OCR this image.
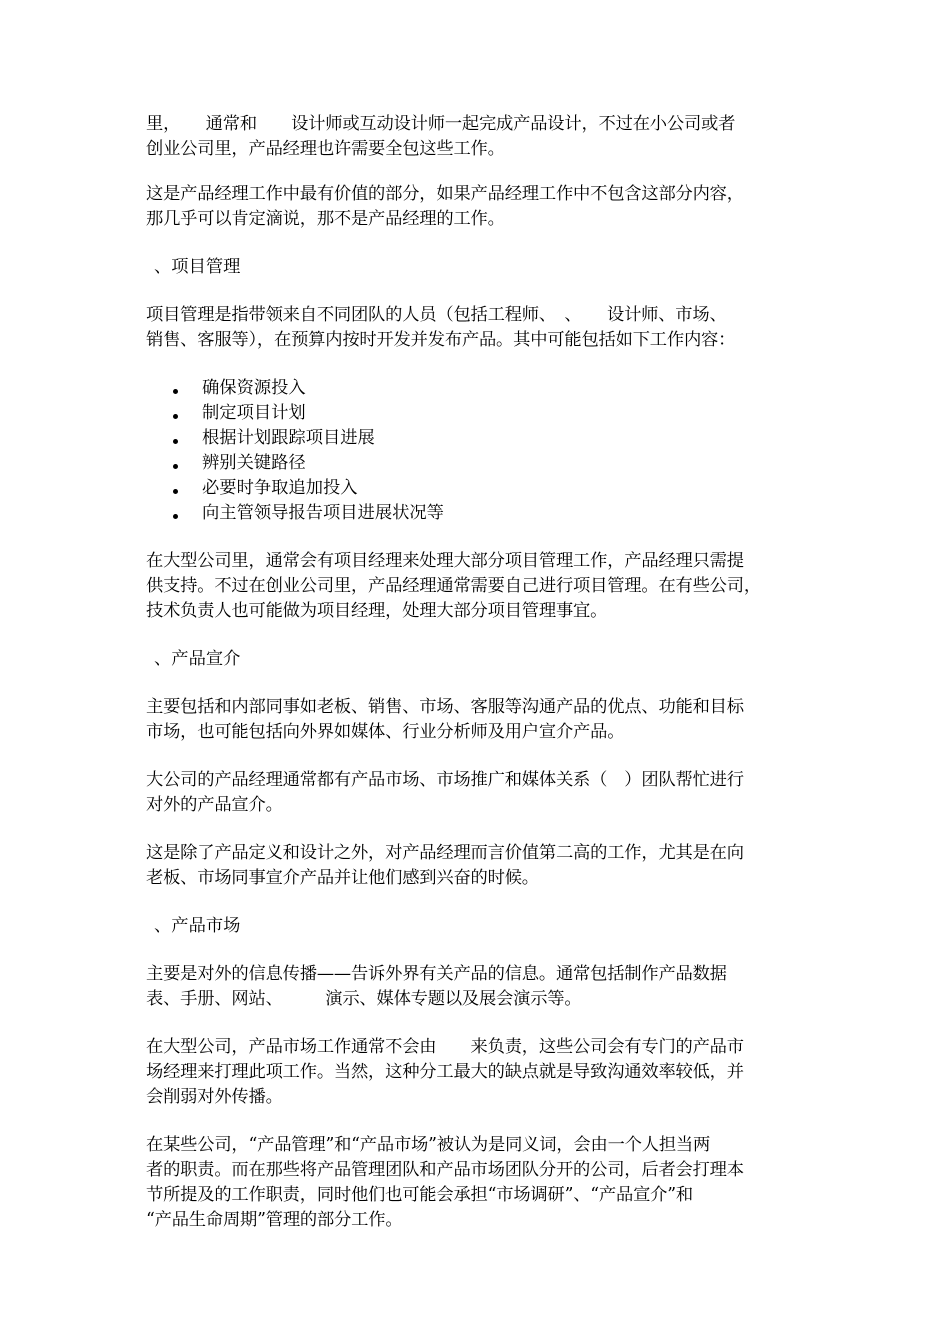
里，　　通常和　　设计师或互动设计师一起完成产品设计，不过在小公司或者
创业公司里，产品经理也许需要全包这些工作。

这是产品经理工作中最有价值的部分，如果产品经理工作中不包含这部分内容，
那几乎可以肯定滴说，那不是产品经理的工作。

、项目管理

项目管理是指带领来自不同团队的人员（包括工程师、　、　　设计师、市场、
销售、客服等），在预算内按时开发并发布产品。其中可能包括如下工作内容：

确保资源投入
制定项目计划
根据计划跟踪项目进展
辨别关键路径
必要时争取追加投入
向主管领导报告项目进展状况等

在大型公司里，通常会有项目经理来处理大部分项目管理工作，产品经理只需提
供支持。不过在创业公司里，产品经理通常需要自己进行项目管理。在有些公司，
技术负责人也可能做为项目经理，处理大部分项目管理事宜。

、产品宣介

主要包括和内部同事如老板、销售、市场、客服等沟通产品的优点、功能和目标
市场，也可能包括向外界如媒体、行业分析师及用户宣介产品。

大公司的产品经理通常都有产品市场、市场推广和媒体关系（　）团队帮忙进行
对外的产品宣介。

这是除了产品定义和设计之外，对产品经理而言价值第二高的工作，尤其是在向
老板、市场同事宣介产品并让他们感到兴奋的时候。

、产品市场

主要是对外的信息传播——告诉外界有关产品的信息。通常包括制作产品数据
表、手册、网站、　　　演示、媒体专题以及展会演示等。

在大型公司，产品市场工作通常不会由　　来负责，这些公司会有专门的产品市
场经理来打理此项工作。当然，这种分工最大的缺点就是导致沟通效率较低，并
会削弱对外传播。

在某些公司，“产品管理”和“产品市场”被认为是同义词，会由一个人担当两
者的职责。而在那些将产品管理团队和产品市场团队分开的公司，后者会打理本
节所提及的工作职责，同时他们也可能会承担“市场调研”、“产品宣介”和
“产品生命周期”管理的部分工作。
